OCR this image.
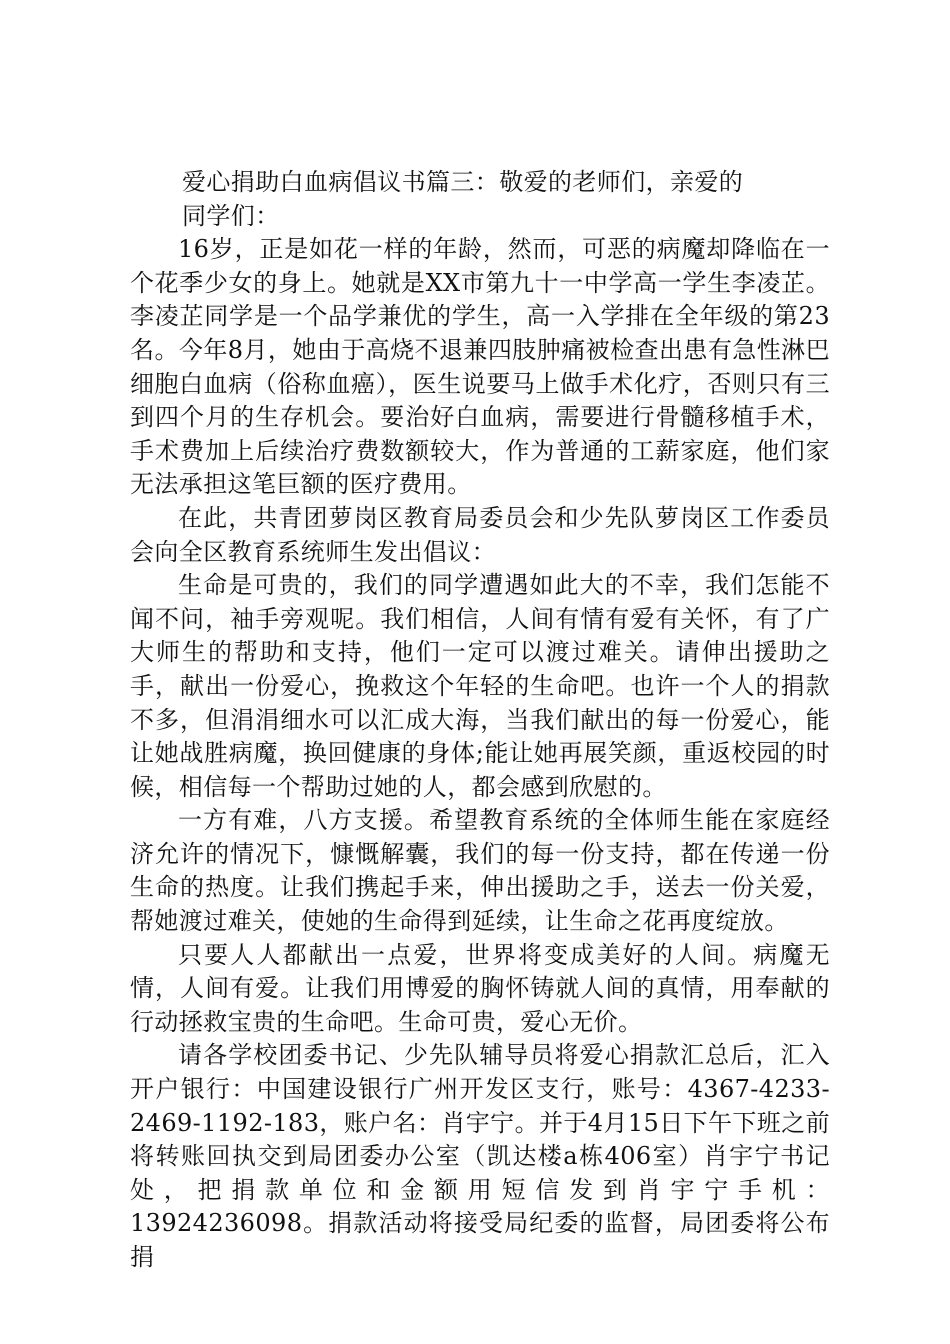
爱心捐助白血病倡议书篇三：敬爱的老师们，亲爱的

同学们：

16岁，正是如花一样的年龄，然而，可恶的病魔却降临在一个花季少女的身上。她就是XX市第九十一中学高一学生李凌芷。李凌芷同学是一个品学兼优的学生，高一入学排在全年级的第23名。今年8月，她由于高烧不退兼四肢肿痛被检查出患有急性淋巴细胞白血病（俗称血癌），医生说要马上做手术化疗，否则只有三到四个月的生存机会。要治好白血病，需要进行骨髓移植手术，手术费加上后续治疗费数额较大，作为普通的工薪家庭，他们家无法承担这笔巨额的医疗费用。

在此，共青团萝岗区教育局委员会和少先队萝岗区工作委员会向全区教育系统师生发出倡议：

生命是可贵的，我们的同学遭遇如此大的不幸，我们怎能不闻不问，袖手旁观呢。我们相信，人间有情有爱有关怀，有了广大师生的帮助和支持，他们一定可以渡过难关。请伸出援助之手，献出一份爱心，挽救这个年轻的生命吧。也许一个人的捐款不多，但涓涓细水可以汇成大海，当我们献出的每一份爱心，能让她战胜病魔，换回健康的身体;能让她再展笑颜，重返校园的时候，相信每一个帮助过她的人，都会感到欣慰的。

一方有难，八方支援。希望教育系统的全体师生能在家庭经济允许的情况下，慷慨解囊，我们的每一份支持，都在传递一份生命的热度。让我们携起手来，伸出援助之手，送去一份关爱，帮她渡过难关，使她的生命得到延续，让生命之花再度绽放。

只要人人都献出一点爱，世界将变成美好的人间。病魔无情，人间有爱。让我们用博爱的胸怀铸就人间的真情，用奉献的行动拯救宝贵的生命吧。生命可贵，爱心无价。

请各学校团委书记、少先队辅导员将爱心捐款汇总后，汇入开户银行：中国建设银行广州开发区支行，账号：4367-4233-2469-1192-183，账户名：肖宇宁。并于4月15日下午下班之前将转账回执交到局团委办公室（凯达楼a栋406室）肖宇宁书记处，把捐款单位和金额用短信发到肖宇宁手机：13924236098。捐款活动将接受局纪委的监督，局团委将公布捐
